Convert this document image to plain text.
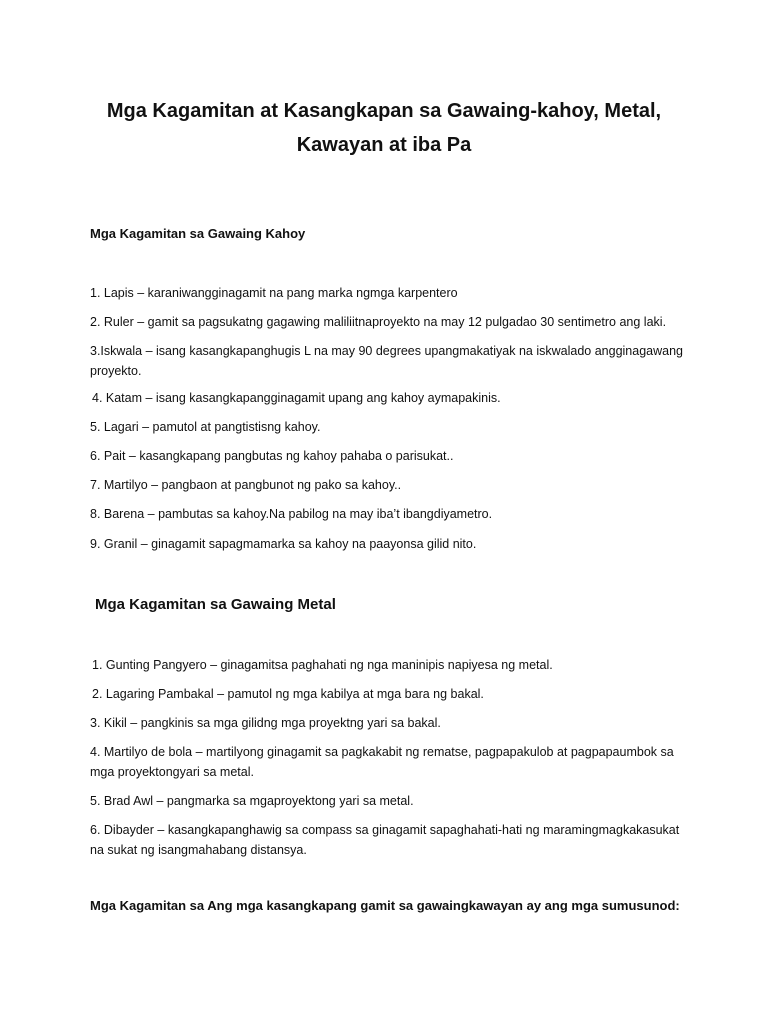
Mga Kagamitan at Kasangkapan sa Gawaing-kahoy, Metal,
Kawayan at iba Pa
Mga Kagamitan sa Gawaing Kahoy
1. Lapis – karaniwangginagamit na pang marka ngmga karpentero
2. Ruler – gamit sa pagsukatng gagawing maliliitnaproyekto na may 12 pulgadao 30 sentimetro ang laki.
3.Iskwala – isang kasangkapanghugis L na may 90 degrees upangmakatiyak na iskwalado angginagawang proyekto.
4. Katam – isang kasangkapangginagamit upang ang kahoy aymapakinis.
5. Lagari – pamutol at pangtistisng kahoy.
6. Pait – kasangkapang pangbutas ng kahoy pahaba o parisukat..
7. Martilyo – pangbaon at pangbunot ng pako sa kahoy..
8. Barena – pambutas sa kahoy.Na pabilog na may iba’t ibangdiyametro.
9. Granil – ginagamit sapagmamarka sa kahoy na paayonsa gilid nito.
Mga Kagamitan sa Gawaing Metal
1. Gunting Pangyero – ginagamitsa paghahati ng nga maninipis napiyesa ng metal.
2. Lagaring Pambakal – pamutol ng mga kabilya at mga bara ng bakal.
3. Kikil – pangkinis sa mga gilidng mga proyektng yari sa bakal.
4. Martilyo de bola – martilyong ginagamit sa pagkakabit ng rematse, pagpapakulob at pagpapaumbok sa mga proyektongyari sa metal.
5. Brad Awl – pangmarka sa mgaproyektong yari sa metal.
6. Dibayder – kasangkapanghawig sa compass sa ginagamit sapaghahati-hati ng maramingmagkakasukat na sukat ng isangmahabang distansya.
Mga Kagamitan sa Ang mga kasangkapang gamit sa gawaingkawayan ay ang mga sumusunod:
